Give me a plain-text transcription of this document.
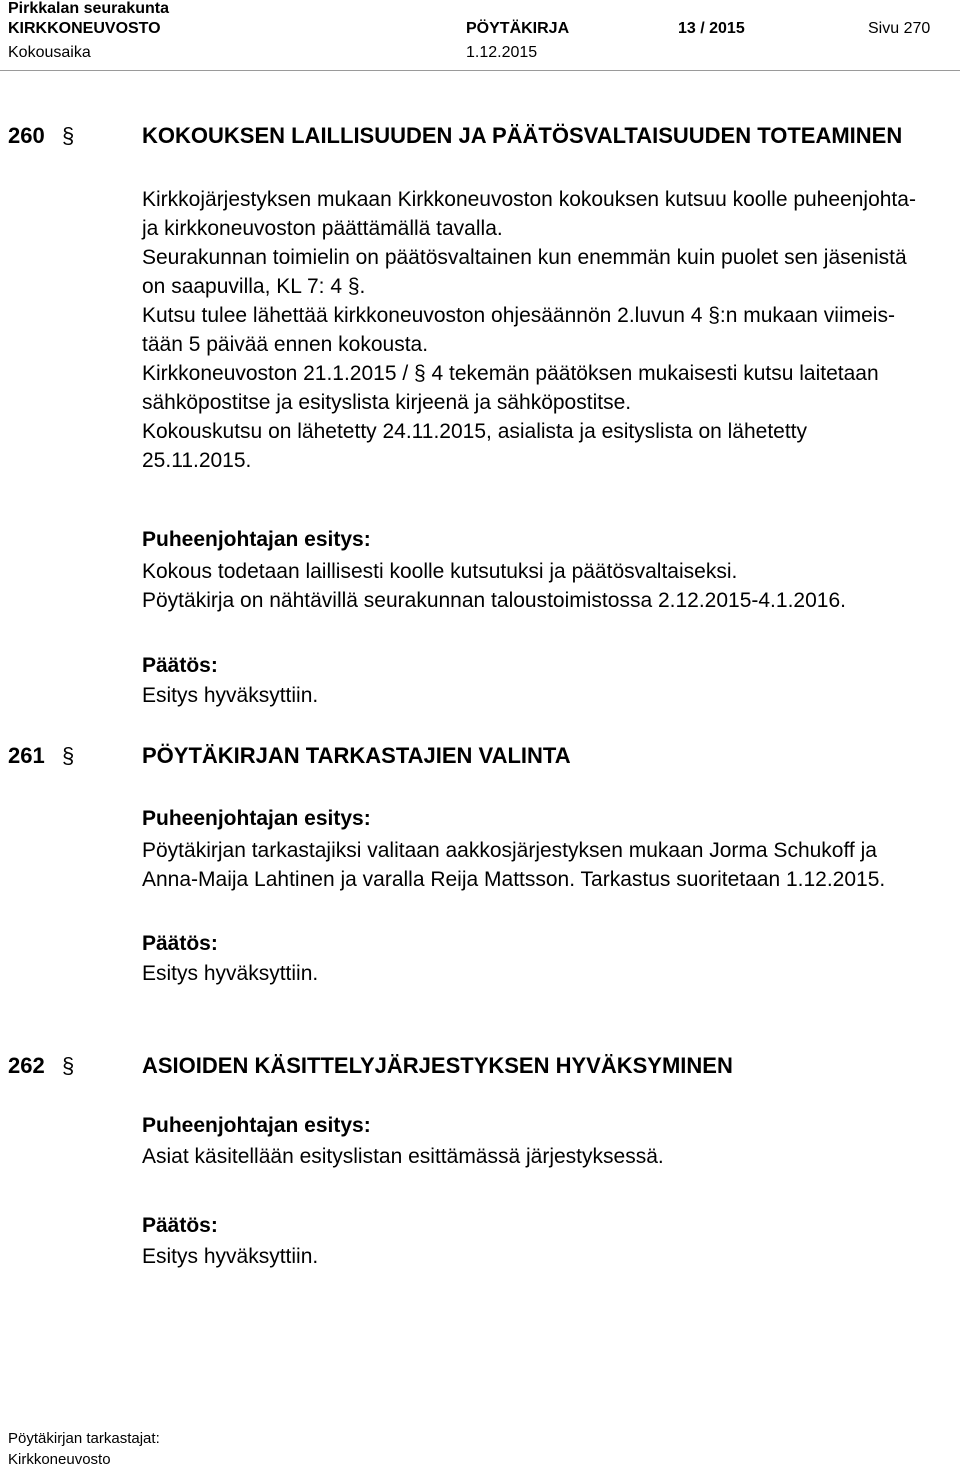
Pirkkalan seurakunta
KIRKKONEUVOSTO	PÖYTÄKIRJA	13 / 2015	Sivu 270
Kokousaika	1.12.2015
260 §	KOKOUKSEN LAILLISUUDEN JA PÄÄTÖSVALTAISUUDEN TOTEAMINEN
Kirkkojärjestyksen mukaan Kirkkoneuvoston kokouksen kutsuu koolle puheenjohta-
ja kirkkoneuvoston päättämällä tavalla.
Seurakunnan toimielin on päätösvaltainen kun enemmän kuin puolet sen jäsenistä
on saapuvilla, KL 7: 4 §.
Kutsu tulee lähettää kirkkoneuvoston ohjesäännön 2.luvun 4 §:n mukaan viimeis-
tään 5 päivää ennen kokousta.
Kirkkoneuvoston 21.1.2015 / § 4 tekemän päätöksen mukaisesti kutsu laitetaan
sähköpostitse ja esityslista kirjeenä ja sähköpostitse.
Kokouskutsu on lähetetty 24.11.2015, asialista ja esityslista on lähetetty
25.11.2015.
Puheenjohtajan esitys:
Kokous todetaan laillisesti koolle kutsutuksi ja päätösvaltaiseksi.
Pöytäkirja on nähtävillä seurakunnan taloustoimistossa 2.12.2015-4.1.2016.
Päätös:
Esitys hyväksyttiin.
261 §	PÖYTÄKIRJAN TARKASTAJIEN VALINTA
Puheenjohtajan esitys:
Pöytäkirjan tarkastajiksi valitaan aakkosjärjestyksen mukaan Jorma Schukoff ja
Anna-Maija Lahtinen ja varalla Reija Mattsson. Tarkastus suoritetaan 1.12.2015.
Päätös:
Esitys hyväksyttiin.
262 §	ASIOIDEN KÄSITTELYJÄRJESTYKSEN HYVÄKSYMINEN
Puheenjohtajan esitys:
Asiat käsitellään esityslistan esittämässä järjestyksessä.
Päätös:
Esitys hyväksyttiin.
Pöytäkirjan tarkastajat:
Kirkkoneuvosto
